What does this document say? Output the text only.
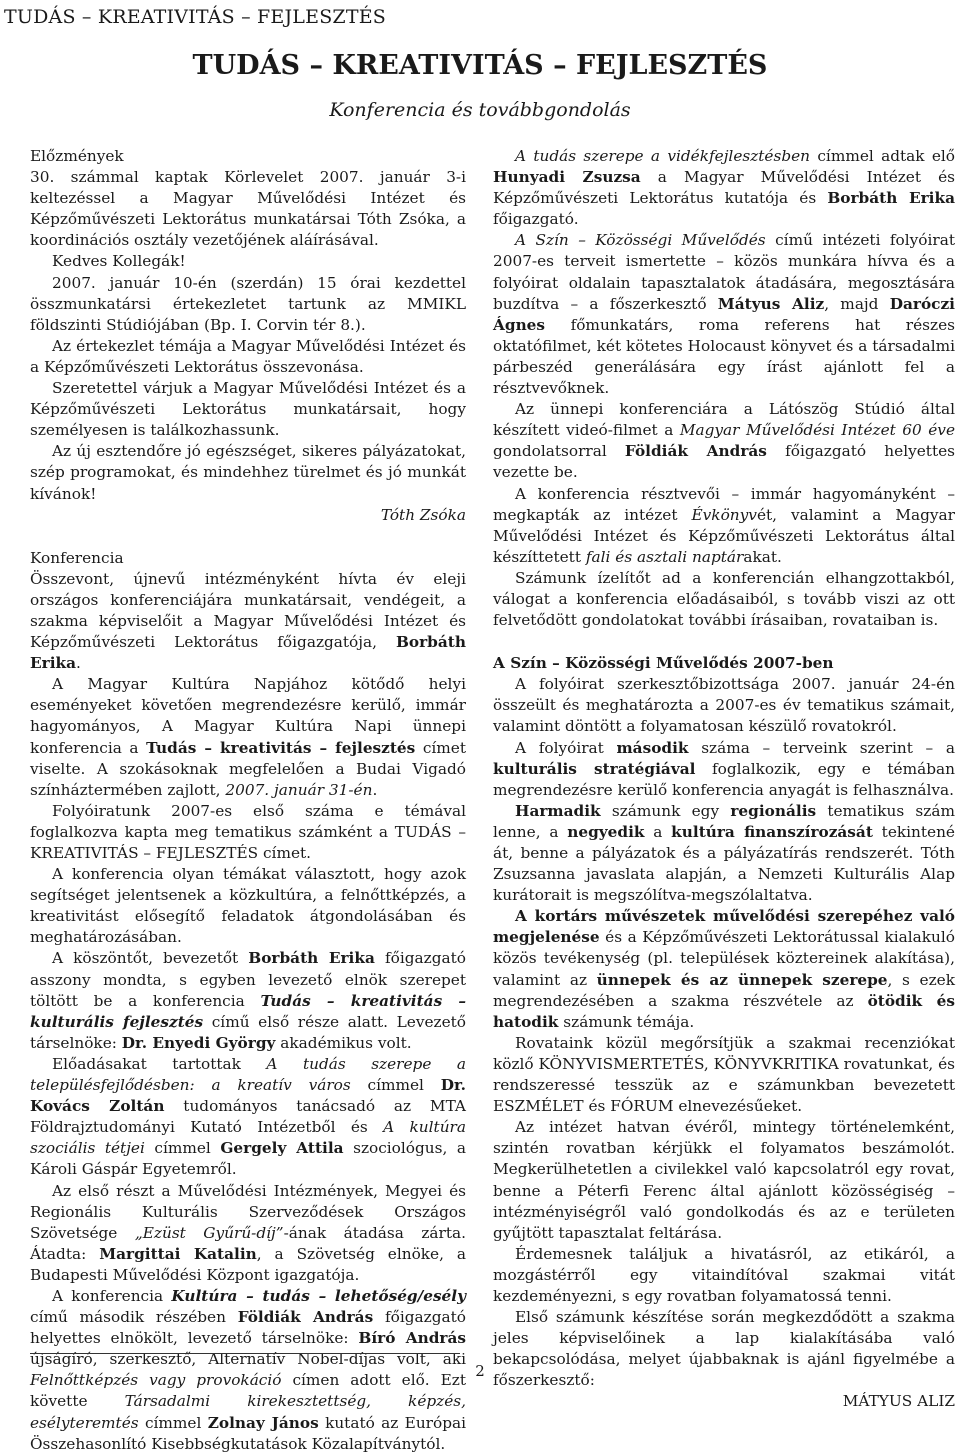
TUDÁS – KREATIVITÁS – FEJLESZTÉS
TUDÁS – KREATIVITÁS – FEJLESZTÉS
Konferencia és továbbgondolás
Előzmények

30. számmal kaptak Körlevelet 2007. január 3-i keltezéssel a Magyar Művelődési Intézet és Képzőművészeti Lektorátus munkatársai Tóth Zsóka, a koordinációs osztály vezetőjének aláírásával.

Kedves Kollegák!

2007. január 10-én (szerdán) 15 órai kezdettel összmunkatársi értekezletet tartunk az MMIKL földszinti Stúdiójában (Bp. I. Corvin tér 8.).

Az értekezlet témája a Magyar Művelődési Intézet és a Képzőművészeti Lektorátus összevonása.

Szeretettel várjuk a Magyar Művelődési Intézet és a Képzőművészeti Lektorátus munkatársait, hogy személyesen is találkozhassunk.

Az új esztendőre jó egészséget, sikeres pályázatokat, szép programokat, és mindehhez türelmet és jó munkát kívánok!

Tóth Zsóka

Konferencia

Összevont, újnevű intézményként hívta év eleji országos konferenciájára munkatársait, vendégeit, a szakma képviselőit a Magyar Művelődési Intézet és Képzőművészeti Lektorátus főigazgatója, Borbáth Erika.

A Magyar Kultúra Napjához kötődő helyi eseményeket követően megrendezésre kerülő, immár hagyományos, A Magyar Kultúra Napi ünnepi konferencia a Tudás – kreativitás – fejlesztés címet viselte. A szokásoknak megfelelően a Budai Vigadó színháztermében zajlott, 2007. január 31-én.

Folyóiratunk 2007-es első száma e témával foglalkozva kapta meg tematikus számként a TUDÁS – KREATIVITÁS – FEJLESZTÉS címet.

A konferencia olyan témákat választott, hogy azok segítséget jelentsenek a közkultúra, a felnőttképzés, a kreativitást elősegítő feladatok átgondolásában és meghatározásában.

A köszöntőt, bevezetőt Borbáth Erika főigazgató asszony mondta, s egyben levezető elnök szerepet töltött be a konferencia Tudás – kreativitás – kulturális fejlesztés című első része alatt. Levezető társelnöke: Dr. Enyedi György akadémikus volt.

Előadásakat tartottak A tudás szerepe a településfejlődésben: a kreatív város címmel Dr. Kovács Zoltán tudományos tanácsadó az MTA Földrajztudományi Kutató Intézetből és A kultúra szociális tétjei címmel Gergely Attila szociológus, a Károli Gáspár Egyetemről.

Az első részt a Művelődési Intézmények, Megyei és Regionális Kulturális Szerveződések Országos Szövetsége „Ezüst Gyűrű-díj”-ának átadása zárta. Átadta: Margittai Katalin, a Szövetség elnöke, a Budapesti Művelődési Központ igazgatója.

A konferencia Kultúra – tudás – lehetőség/esély című második részében Földiák András főigazgató helyettes elnökölt, levezető társelnöke: Bíró András újságíró, szerkesztő, Alternatív Nobel-díjas volt, aki Felnőttképzés vagy provokáció címen adott elő. Ezt követte Társadalmi kirekesztettség, képzés, esélyteremtés címmel Zolnay János kutató az Európai Összehasonlító Kisebbségkutatások Közalapítványtól.

A tudás szerepe a vidékfejlesztésben címmel adtak elő Hunyadi Zsuzsa a Magyar Művelődési Intézet és Képzőművészeti Lektorátus kutatója és Borbáth Erika főigazgató.

A Szín – Közösségi Művelődés című intézeti folyóirat 2007-es terveit ismertette – közös munkára hívva és a folyóirat oldalain tapasztalatok átadására, megosztására buzdítva – a főszerkesztő Mátyus Aliz, majd Daróczi Ágnes főmunkatárs, roma referens hat részes oktatófilmet, két kötetes Holocaust könyvet és a társadalmi párbeszéd generálására egy írást ajánlott fel a résztvevőknek.

Az ünnepi konferenciára a Látószög Stúdió által készített videó-filmet a Magyar Művelődési Intézet 60 éve gondolatsorral Földiák András főigazgató helyettes vezette be.

A konferencia résztvevői – immár hagyományként – megkapták az intézet Évkönyvét, valamint a Magyar Művelődési Intézet és Képzőművészeti Lektorátus által készíttetett fali és asztali naptárakat.

Számunk ízelítőt ad a konferencián elhangzottakból, válogat a konferencia előadásaiból, s tovább viszi az ott felvetődött gondolatokat további írásaiban, rovataiban is.

A Szín – Közösségi Művelődés 2007-ben

A folyóirat szerkesztőbizottsága 2007. január 24-én összeült és meghatározta a 2007-es év tematikus számait, valamint döntött a folyamatosan készülő rovatokról.

A folyóirat második száma – terveink szerint – a kulturális stratégiával foglalkozik, egy e témában megrendezésre kerülő konferencia anyagát is felhasználva.

Harmadik számunk egy regionális tematikus szám lenne, a negyedik a kultúra finanszírozását tekintené át, benne a pályázatok és a pályázatírás rendszerét. Tóth Zsuzsanna javaslata alapján, a Nemzeti Kulturális Alap kurátorait is megszólítva-megszólaltatva.

A kortárs művészetek művelődési szerepéhez való megjelenése és a Képzőművészeti Lektorátussal kialakuló közös tevékenység (pl. települések köztereinek alakítása), valamint az ünnepek és az ünnepek szerepe, s ezek megrendezésében a szakma részvétele az ötödik és hatodik számunk témája.

Rovataink közül megőrsítjük a szakmai recenziókat közlő KÖNYVISMERTETÉS, KÖNYVKRITIKA rovatunkat, és rendszeressé tesszük az e számunkban bevezetett ESZMÉLET és FÓRUM elnevezésűeket.

Az intézet hatvan évéről, mintegy történelemként, szintén rovatban kérjükk el folyamatos beszámolót. Megkerülhetetlen a civilekkel való kapcsolatról egy rovat, benne a Péterfi Ferenc által ajánlott közösségiség – intézményiségről való gondolkodás és az e területen gyűjtött tapasztalat feltárása.

Érdemesnek találjuk a hivatásról, az etikáról, a mozgástérről egy vitaindítóval szakmai vitát kezdeményezni, s egy rovatban folyamatossá tenni.

Első számunk készítése során megkezdődött a szakma jeles képviselőinek a lap kialakításába való bekapcsolódása, melyet újabbaknak is ajánl figyelmébe a főszerkesztő:

MÁTYUS ALIZ

2
